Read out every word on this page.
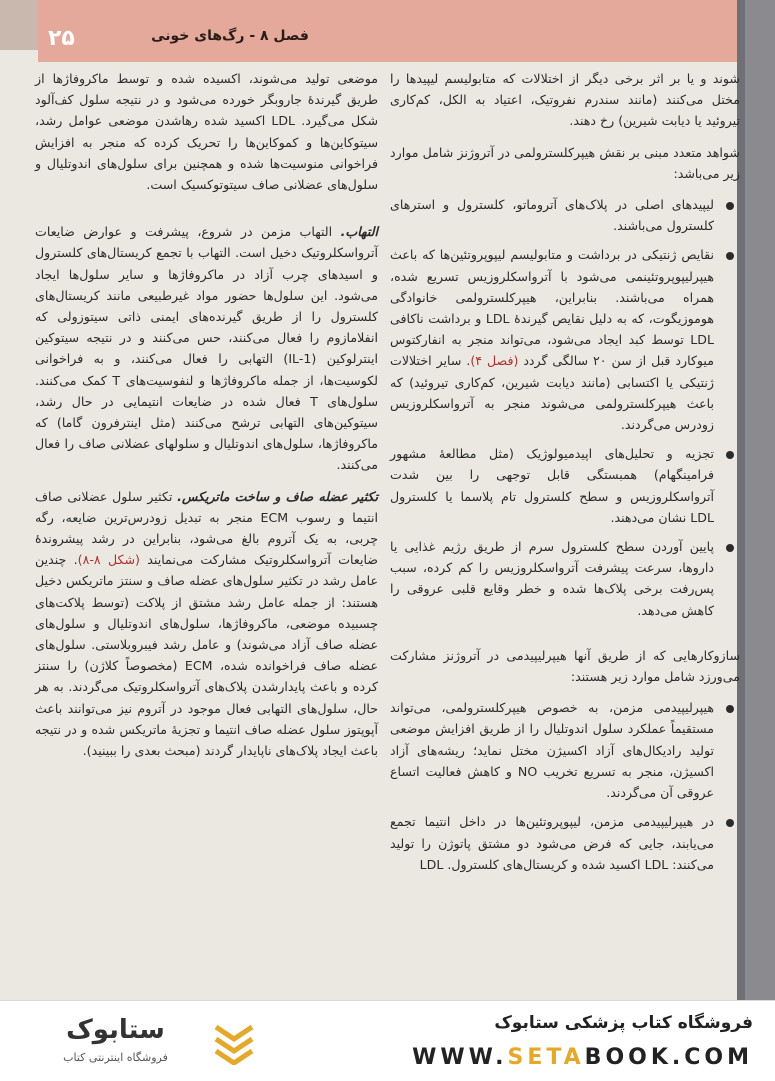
۲۵	فصل ۸ - رگ‌های خونی

شوند و یا بر اثر برخی دیگر از اختلالات که متابولیسم لیپیدها را مختل می‌کنند (مانند سندرم نفروتیک، اعتیاد به الکل، کم‌کاری تیروئید یا دیابت شیرین) رخ دهند.

شواهد متعدد مبنی بر نقش هیپرکلسترولمی در آتروژنز شامل موارد زیر می‌باشد:

لیپیدهای اصلی در پلاک‌های آتروماتو، کلسترول و استرهای کلسترول می‌باشند.
نقایص ژنتیکی در برداشت و متابولیسم لیپوپروتئین‌ها که باعث هیپرلیپوپروتئینمی می‌شود با آترواسکلروزیس تسریع شده، همراه می‌باشند. بنابراین، هیپرکلسترولمی خانوادگی هوموزیگوت، که به دلیل نقایص گیرندهٔ LDL و برداشت ناکافی LDL توسط کبد ایجاد می‌شود، می‌تواند منجر به انفارکتوس میوکارد قبل از سن ۲۰ سالگی گردد (فصل ۴). سایر اختلالات ژنتیکی یا اکتسابی (مانند دیابت شیرین، کم‌کاری تیروئید) که باعث هیپرکلسترولمی می‌شوند منجر به آترواسکلروزیس زودرس می‌گردند.
تجزیه و تحلیل‌های اپیدمیولوژیک (مثل مطالعهٔ مشهور فرامینگهام) همبستگی قابل توجهی را بین شدت آترواسکلروزیس و سطح کلسترول تام پلاسما یا کلسترول LDL نشان می‌دهند.
پایین آوردن سطح کلسترول سرم از طریق رژیم غذایی یا داروها، سرعت پیشرفت آترواسکلروزیس را کم کرده، سبب پس‌رفت برخی پلاک‌ها شده و خطر وقایع قلبی عروقی را کاهش می‌دهد.

سازوکارهایی که از طریق آنها هیپرلیپیدمی در آتروژنز مشارکت می‌ورزد شامل موارد زیر هستند:

هیپرلیپیدمی مزمن، به خصوص هیپرکلسترولمی، می‌تواند مستقیماً عملکرد سلول اندوتلیال را از طریق افزایش موضعی تولید رادیکال‌های آزاد اکسیژن مختل نماید؛ ریشه‌های آزاد اکسیژن، منجر به تسریع تخریب NO و کاهش فعالیت اتساع عروقی آن می‌گردند.
در هیپرلیپیدمی مزمن، لیپوپروتئین‌ها در داخل انتیما تجمع می‌یابند، جایی که فرض می‌شود دو مشتق پاتوژن را تولید می‌کنند: LDL اکسید شده و کریستال‌های کلسترول. LDL

موضعی تولید می‌شوند، اکسیده شده و توسط ماکروفاژها از طریق گیرندهٔ جاروبگر خورده می‌شود و در نتیجه سلول کف‌آلود شکل می‌گیرد. LDL اکسید شده رهاشدن موضعی عوامل رشد، سیتوکاین‌ها و کموکاین‌ها را تحریک کرده که منجر به افزایش فراخوانی منوسیت‌ها شده و همچنین برای سلول‌های اندوتلیال و سلول‌های عضلانی صاف سیتوتوکسیک است.

التهاب. التهاب مزمن در شروع، پیشرفت و عوارض ضایعات آترواسکلروتیک دخیل است. التهاب با تجمع کریستال‌های کلسترول و اسیدهای چرب آزاد در ماکروفاژها و سایر سلول‌ها ایجاد می‌شود. این سلول‌ها حضور مواد غیرطبیعی مانند کریستال‌های کلسترول را از طریق گیرنده‌های ایمنی ذاتی سیتوزولی که انفلامازوم را فعال می‌کنند، حس می‌کنند و در نتیجه سیتوکین اینترلوکین (IL-1) التهابی را فعال می‌کنند، و به فراخوانی لکوسیت‌ها، از جمله ماکروفاژها و لنفوسیت‌های T کمک می‌کنند. سلول‌های T فعال شده در ضایعات انتیمایی در حال رشد، سیتوکین‌های التهابی ترشح می‌کنند (مثل اینترفرون گاما) که ماکروفاژها، سلول‌های اندوتلیال و سلولهای عضلانی صاف را فعال می‌کنند.

تکثیر عضله صاف و ساخت ماتریکس. تکثیر سلول عضلانی صاف انتیما و رسوب ECM منجر به تبدیل زودرس‌ترین ضایعه، رگه چربی، به یک آتروم بالغ می‌شود، بنابراین در رشد پیشروندهٔ ضایعات آترواسکلروتیک مشارکت می‌نمایند (شکل ۸-۸). چندین عامل رشد در تکثیر سلول‌های عضله صاف و سنتز ماتریکس دخیل هستند: از جمله عامل رشد مشتق از پلاکت (توسط پلاکت‌های چسبیده موضعی، ماکروفاژها، سلول‌های اندوتلیال و سلول‌های عضله صاف آزاد می‌شوند) و عامل رشد فیبروبلاستی. سلول‌های عضله صاف فراخوانده شده، ECM (مخصوصاً کلاژن) را سنتز کرده و باعث پایدارشدن پلاک‌های آترواسکلروتیک می‌گردند. به هر حال، سلول‌های التهابی فعال موجود در آتروم نیز می‌توانند باعث آپوپتوز سلول عضله صاف انتیما و تجزیهٔ ماتریکس شده و در نتیجه باعث ایجاد پلاک‌های ناپایدار گردند (مبحث بعدی را ببینید).

ستابوک
فروشگاه اینترنتی کتاب
فروشگاه کتاب پزشکی ستابوک
WWW.SETABOOK.COM
